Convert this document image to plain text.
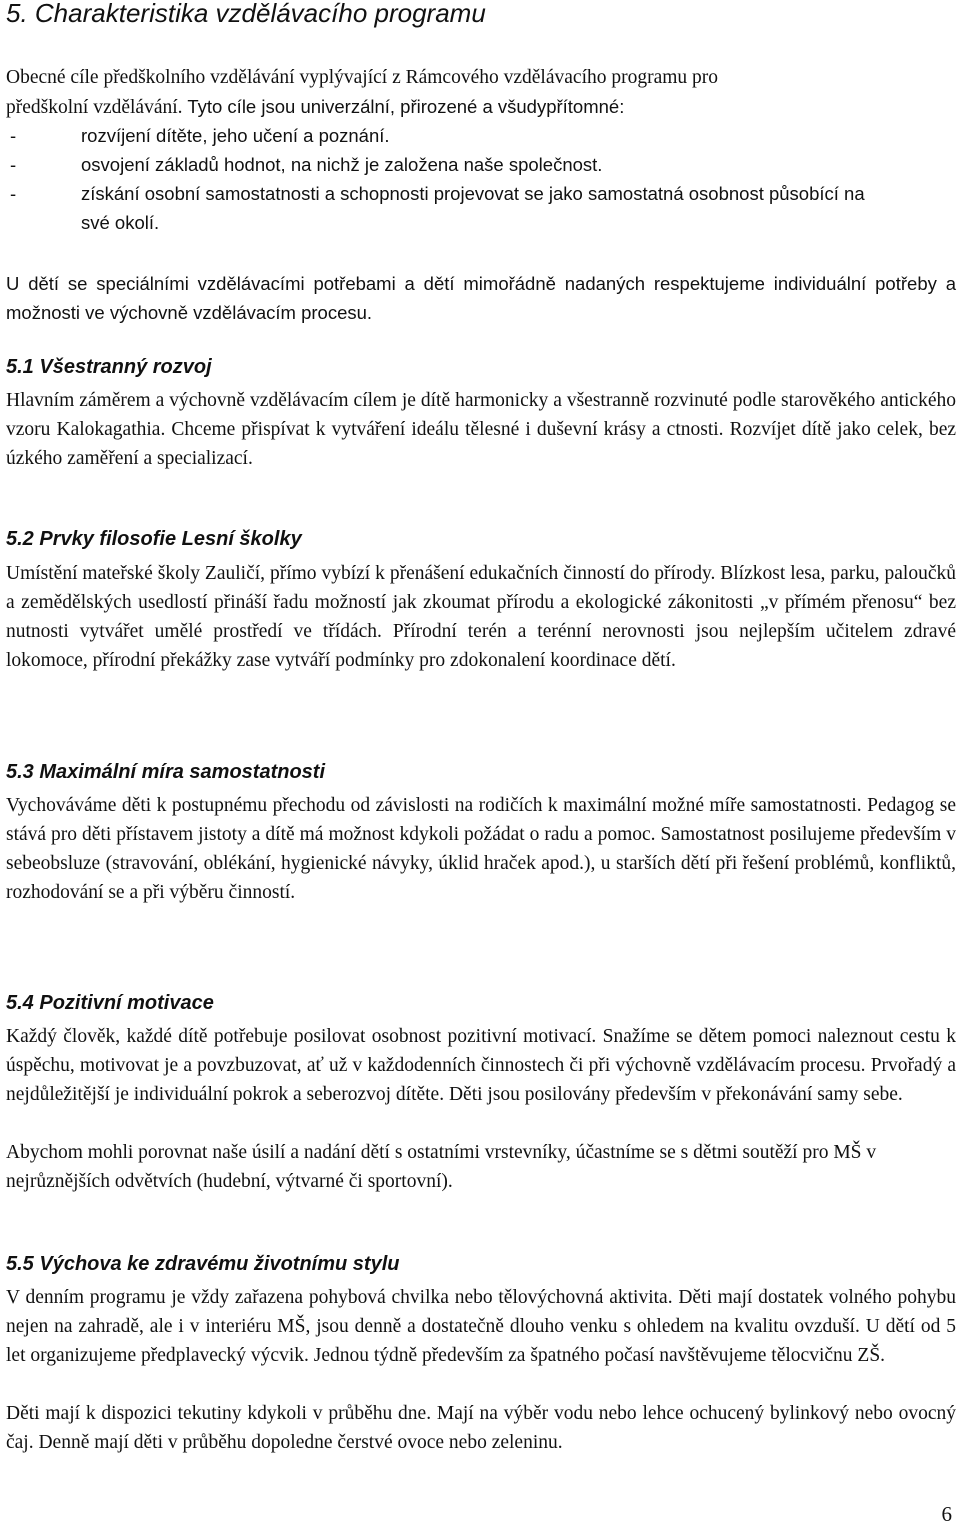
5. Charakteristika vzdělávacího programu

Obecné cíle předškolního vzdělávání vyplývající z Rámcového vzdělávacího programu pro
předškolní vzdělávání. Tyto cíle jsou univerzální, přirozené a všudypřítomné:

-	rozvíjení dítěte, jeho učení a poznání.
-	osvojení základů hodnot, na nichž je založena naše společnost.
-	získání osobní samostatnosti a schopnosti projevovat se jako samostatná osobnost působící na své okolí.

U dětí se speciálními vzdělávacími potřebami a dětí mimořádně nadaných respektujeme individuální potřeby a možnosti ve výchovně vzdělávacím procesu.

5.1 Všestranný rozvoj

Hlavním záměrem a výchovně vzdělávacím cílem je dítě harmonicky a všestranně rozvinuté podle starověkého antického vzoru Kalokagathia. Chceme přispívat k vytváření ideálu tělesné i duševní krásy a ctnosti. Rozvíjet dítě jako celek, bez úzkého zaměření a specializací.

5.2 Prvky filosofie Lesní školky

Umístění mateřské školy Zauličí, přímo vybízí k přenášení edukačních činností do přírody. Blízkost lesa, parku, paloučků a zemědělských usedlostí přináší řadu možností jak zkoumat přírodu a ekologické zákonitosti „v přímém přenosu“ bez nutnosti vytvářet umělé prostředí ve třídách. Přírodní terén a terénní nerovnosti jsou nejlepším učitelem zdravé lokomoce, přírodní překážky zase vytváří podmínky pro zdokonalení koordinace dětí.

5.3 Maximální míra samostatnosti

Vychováváme děti k postupnému přechodu od závislosti na rodičích k maximální možné míře samostatnosti. Pedagog se stává pro děti přístavem jistoty a dítě má možnost kdykoli požádat o radu a pomoc. Samostatnost posilujeme především v sebeobsluze (stravování, oblékání, hygienické návyky, úklid hraček apod.), u starších dětí při řešení problémů, konfliktů, rozhodování se a při výběru činností.

5.4 Pozitivní motivace

Každý člověk, každé dítě potřebuje posilovat osobnost pozitivní motivací. Snažíme se dětem pomoci naleznout cestu k úspěchu, motivovat je a povzbuzovat, ať už v každodenních činnostech či při výchovně vzdělávacím procesu. Prvořadý a nejdůležitější je individuální pokrok a seberozvoj dítěte. Děti jsou posilovány především v překonávání samy sebe.

Abychom mohli porovnat naše úsilí a nadání dětí s ostatními vrstevníky, účastníme se s dětmi soutěží pro MŠ v nejrůznějších odvětvích (hudební, výtvarné či sportovní).

5.5 Výchova ke zdravému životnímu stylu

V denním programu je vždy zařazena pohybová chvilka nebo tělovýchovná aktivita. Děti mají dostatek volného pohybu nejen na zahradě, ale i v interiéru MŠ, jsou denně a dostatečně dlouho venku s ohledem na kvalitu ovzduší. U dětí od 5 let organizujeme předplavecký výcvik. Jednou týdně především za špatného počasí navštěvujeme tělocvičnu ZŠ.

Děti mají k dispozici tekutiny kdykoli v průběhu dne. Mají na výběr vodu nebo lehce ochucený bylinkový nebo ovocný čaj. Denně mají děti v průběhu dopoledne čerstvé ovoce nebo zeleninu.

6
